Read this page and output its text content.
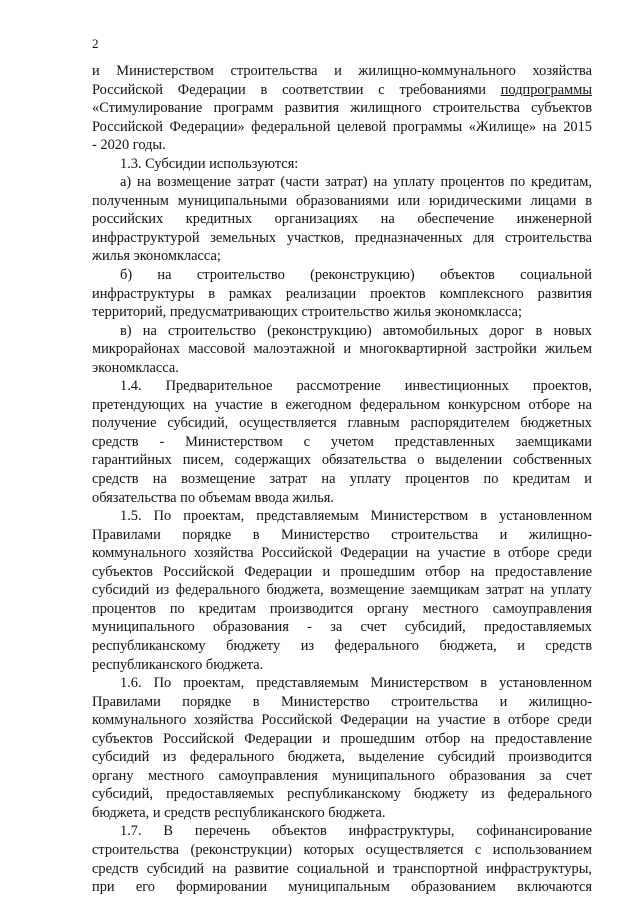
2
и Министерством строительства и жилищно-коммунального хозяйства
Российской Федерации в соответствии с требованиями подпрограммы
«Стимулирование программ развития жилищного строительства субъектов
Российской Федерации» федеральной целевой программы «Жилище» на 2015
- 2020 годы.
1.3. Субсидии используются:
а) на возмещение затрат (части затрат) на уплату процентов по кредитам,
полученным муниципальными образованиями или юридическими лицами в
российских кредитных организациях на обеспечение инженерной
инфраструктурой земельных участков, предназначенных для строительства
жилья экономкласса;
б) на строительство (реконструкцию) объектов социальной
инфраструктуры в рамках реализации проектов комплексного развития
территорий, предусматривающих строительство жилья экономкласса;
в) на строительство (реконструкцию) автомобильных дорог в новых
микрорайонах массовой малоэтажной и многоквартирной застройки жильем
экономкласса.
1.4. Предварительное рассмотрение инвестиционных проектов,
претендующих на участие в ежегодном федеральном конкурсном отборе на
получение субсидий, осуществляется главным распорядителем бюджетных
средств - Министерством с учетом представленных заемщиками
гарантийных писем, содержащих обязательства о выделении собственных
средств на возмещение затрат на уплату процентов по кредитам и
обязательства по объемам ввода жилья.
1.5. По проектам, представляемым Министерством в установленном
Правилами порядке в Министерство строительства и жилищно-
коммунального хозяйства Российской Федерации на участие в отборе среди
субъектов Российской Федерации и прошедшим отбор на предоставление
субсидий из федерального бюджета, возмещение заемщикам затрат на уплату
процентов по кредитам производится органу местного самоуправления
муниципального образования - за счет субсидий, предоставляемых
республиканскому бюджету из федерального бюджета, и средств
республиканского бюджета.
1.6. По проектам, представляемым Министерством в установленном
Правилами порядке в Министерство строительства и жилищно-
коммунального хозяйства Российской Федерации на участие в отборе среди
субъектов Российской Федерации и прошедшим отбор на предоставление
субсидий из федерального бюджета, выделение субсидий производится
органу местного самоуправления муниципального образования за счет
субсидий, предоставляемых республиканскому бюджету из федерального
бюджета, и средств республиканского бюджета.
1.7. В перечень объектов инфраструктуры, софинансирование
строительства (реконструкции) которых осуществляется с использованием
средств субсидий на развитие социальной и транспортной инфраструктуры,
при его формировании муниципальным образованием включаются
